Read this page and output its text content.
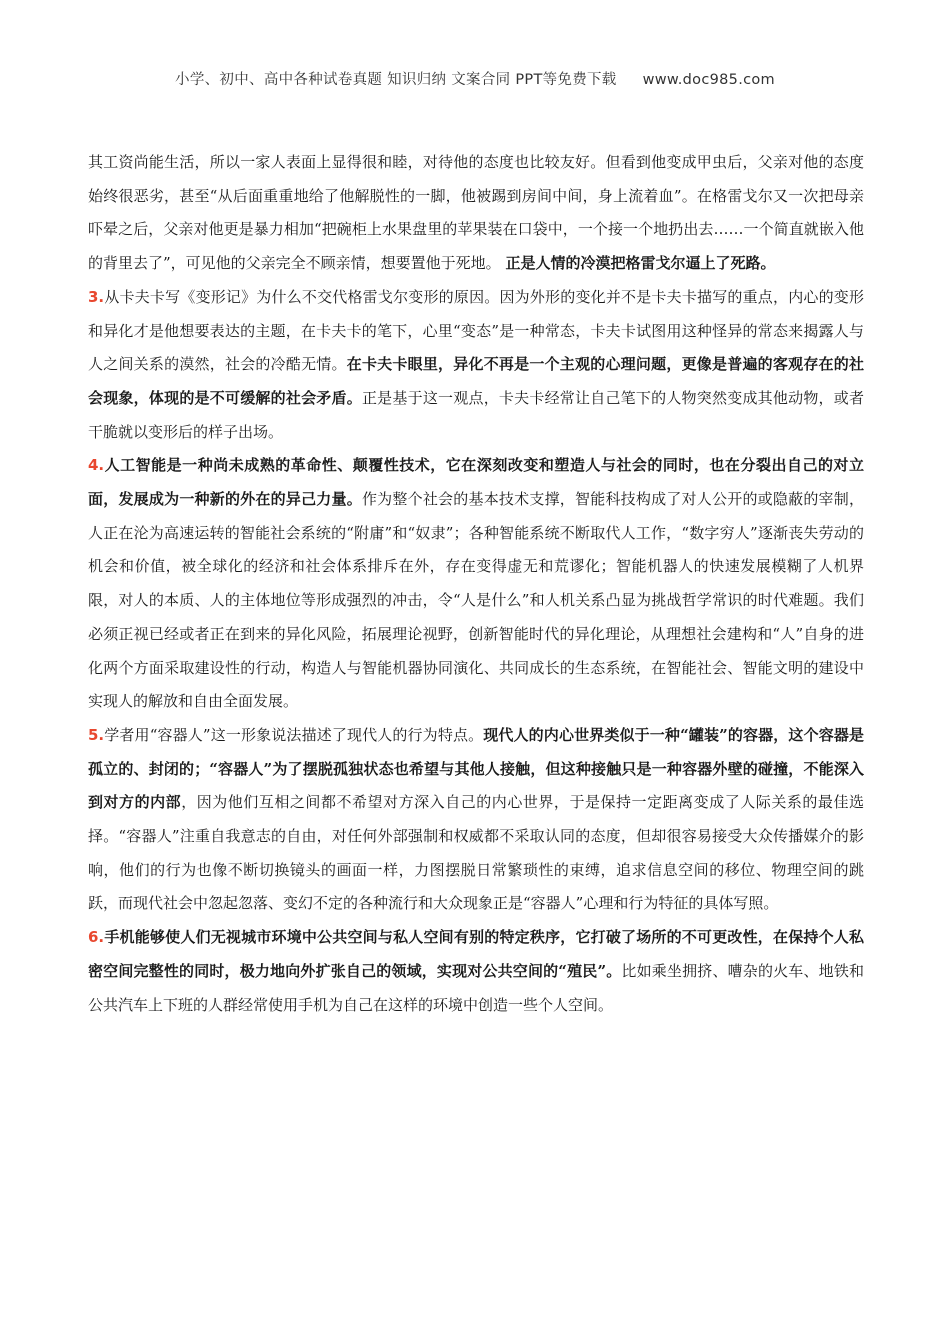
小学、初中、高中各种试卷真题 知识归纳 文案合同 PPT等免费下载 www.doc985.com

其工资尚能生活，所以一家人表面上显得很和睦，对待他的态度也比较友好。但看到他变成甲虫后，父亲对他的态度始终很恶劣，甚至“从后面重重地给了他解脱性的一脚，他被踢到房间中间，身上流着血”。在格雷戈尔又一次把母亲吓晕之后，父亲对他更是暴力相加“把碗柜上水果盘里的苹果装在口袋中，一个接一个地扔出去……一个简直就嵌入他的背里去了”，可见他的父亲完全不顾亲情，想要置他于死地。 正是人情的冷漠把格雷戈尔逼上了死路。

3.从卡夫卡写《变形记》为什么不交代格雷戈尔变形的原因。因为外形的变化并不是卡夫卡描写的重点，内心的变形和异化才是他想要表达的主题，在卡夫卡的笔下，心里“变态”是一种常态，卡夫卡试图用这种怪异的常态来揭露人与人之间关系的漠然，社会的冷酷无情。在卡夫卡眼里，异化不再是一个主观的心理问题，更像是普遍的客观存在的社会现象，体现的是不可缓解的社会矛盾。正是基于这一观点，卡夫卡经常让自己笔下的人物突然变成其他动物，或者干脆就以变形后的样子出场。

4.人工智能是一种尚未成熟的革命性、颠覆性技术，它在深刻改变和塑造人与社会的同时，也在分裂出自己的对立面，发展成为一种新的外在的异己力量。作为整个社会的基本技术支撑，智能科技构成了对人公开的或隐蔽的宰制，人正在沦为高速运转的智能社会系统的“附庸”和“奴隶”；各种智能系统不断取代人工作，“数字穷人”逐渐丧失劳动的机会和价值，被全球化的经济和社会体系排斥在外，存在变得虚无和荒谬化；智能机器人的快速发展模糊了人机界限，对人的本质、人的主体地位等形成强烈的冲击，令“人是什么”和人机关系凸显为挑战哲学常识的时代难题。我们必须正视已经或者正在到来的异化风险，拓展理论视野，创新智能时代的异化理论，从理想社会建构和“人”自身的进化两个方面采取建设性的行动，构造人与智能机器协同演化、共同成长的生态系统，在智能社会、智能文明的建设中实现人的解放和自由全面发展。

5.学者用“容器人”这一形象说法描述了现代人的行为特点。现代人的内心世界类似于一种“罐装”的容器，这个容器是孤立的、封闭的；“容器人”为了摆脱孤独状态也希望与其他人接触，但这种接触只是一种容器外壁的碰撞，不能深入到对方的内部，因为他们互相之间都不希望对方深入自己的内心世界，于是保持一定距离变成了人际关系的最佳选择。“容器人”注重自我意志的自由，对任何外部强制和权威都不采取认同的态度，但却很容易接受大众传播媒介的影响，他们的行为也像不断切换镜头的画面一样，力图摆脱日常繁琐性的束缚，追求信息空间的移位、物理空间的跳跃，而现代社会中忽起忽落、变幻不定的各种流行和大众现象正是“容器人”心理和行为特征的具体写照。

6.手机能够使人们无视城市环境中公共空间与私人空间有别的特定秩序，它打破了场所的不可更改性，在保持个人私密空间完整性的同时，极力地向外扩张自己的领域，实现对公共空间的“殖民”。比如乘坐拥挤、嘈杂的火车、地铁和公共汽车上下班的人群经常使用手机为自己在这样的环境中创造一些个人空间。
